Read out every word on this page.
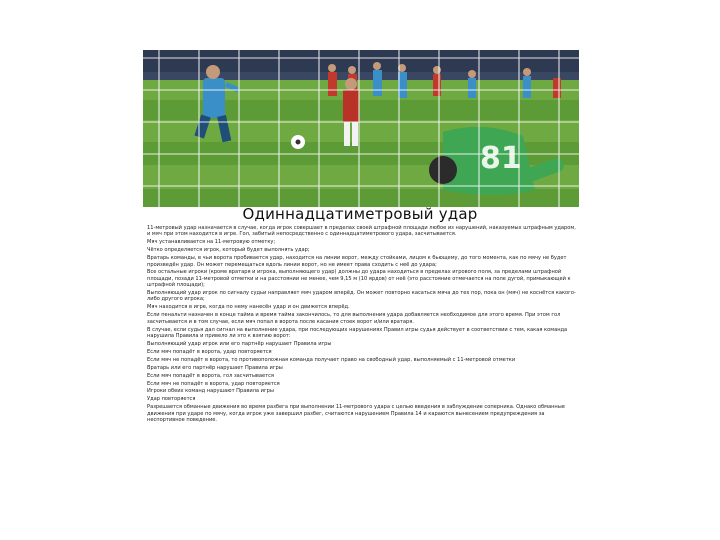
81
Одиннадцатиметровый удар

11-метровый удар назначается в случае, когда игрок совершает в пределах своей штрафной площади любое из нарушений, наказуемых штрафным ударом, и мяч при этом находится в игре. Гол, забитый непосредственно с одиннадцатиметрового удара, засчитывается.

Мяч устанавливается на 11-метровую отметку;

Чётко определяется игрок, который будет выполнять удар;

Вратарь команды, в чьи ворота пробивается удар, находится на линии ворот, между стойками, лицом к бьющему, до того момента, как по мячу не будет произведён удар. Он может перемещаться вдоль линии ворот, но не имеет права сходить с неё до удара;

Все остальные игроки (кроме вратаря и игрока, выполняющего удар) должны до удара находиться в пределах игрового поля, за пределами штрафной площади, позади 11-метровой отметки и на расстоянии не менее, чем 9,15 м (10 ярдов) от неё (это расстояние отмечается на поле дугой, примыкающей к штрафной площади);

Выполняющий удар игрок по сигналу судьи направляет мяч ударом вперёд. Он может повторно касаться мяча до тех пор, пока он (мяч) не коснётся какого-либо другого игрока;

Мяч находится в игре, когда по нему нанесён удар и он движется вперёд.

Если пенальти назначен в конце тайма и время тайма закончилось, то для выполнения удара добавляется необходимое для этого время. При этом гол засчитывается и в том случае, если мяч попал в ворота после касания стоек ворот и/или вратаря.

В случае, если судья дал сигнал на выполнение удара, при последующих нарушениях Правил игры судья действует в соответствии с тем, какая команда нарушила Правила и привело ли это к взятию ворот:

Выполняющий удар игрок или его партнёр нарушает Правила игры

Если мяч попадёт в ворота, удар повторяется

Если мяч не попадёт в ворота, то противоположная команда получает право на свободный удар, выполняемый с 11-метровой отметки

Вратарь или его партнёр нарушает Правила игры

Если мяч попадёт в ворота, гол засчитывается

Если мяч не попадёт в ворота, удар повторяется

Игроки обеих команд нарушают Правила игры

Удар повторяется

Разрешается обманные движения во время разбега при выполнении 11-метрового удара с целью введения в заблуждение соперника. Однако обманные движения при ударе по мячу, когда игрок уже завершил разбег, считаются нарушением Правила 14 и караются вынесением предупреждения за неспортивное поведение.
